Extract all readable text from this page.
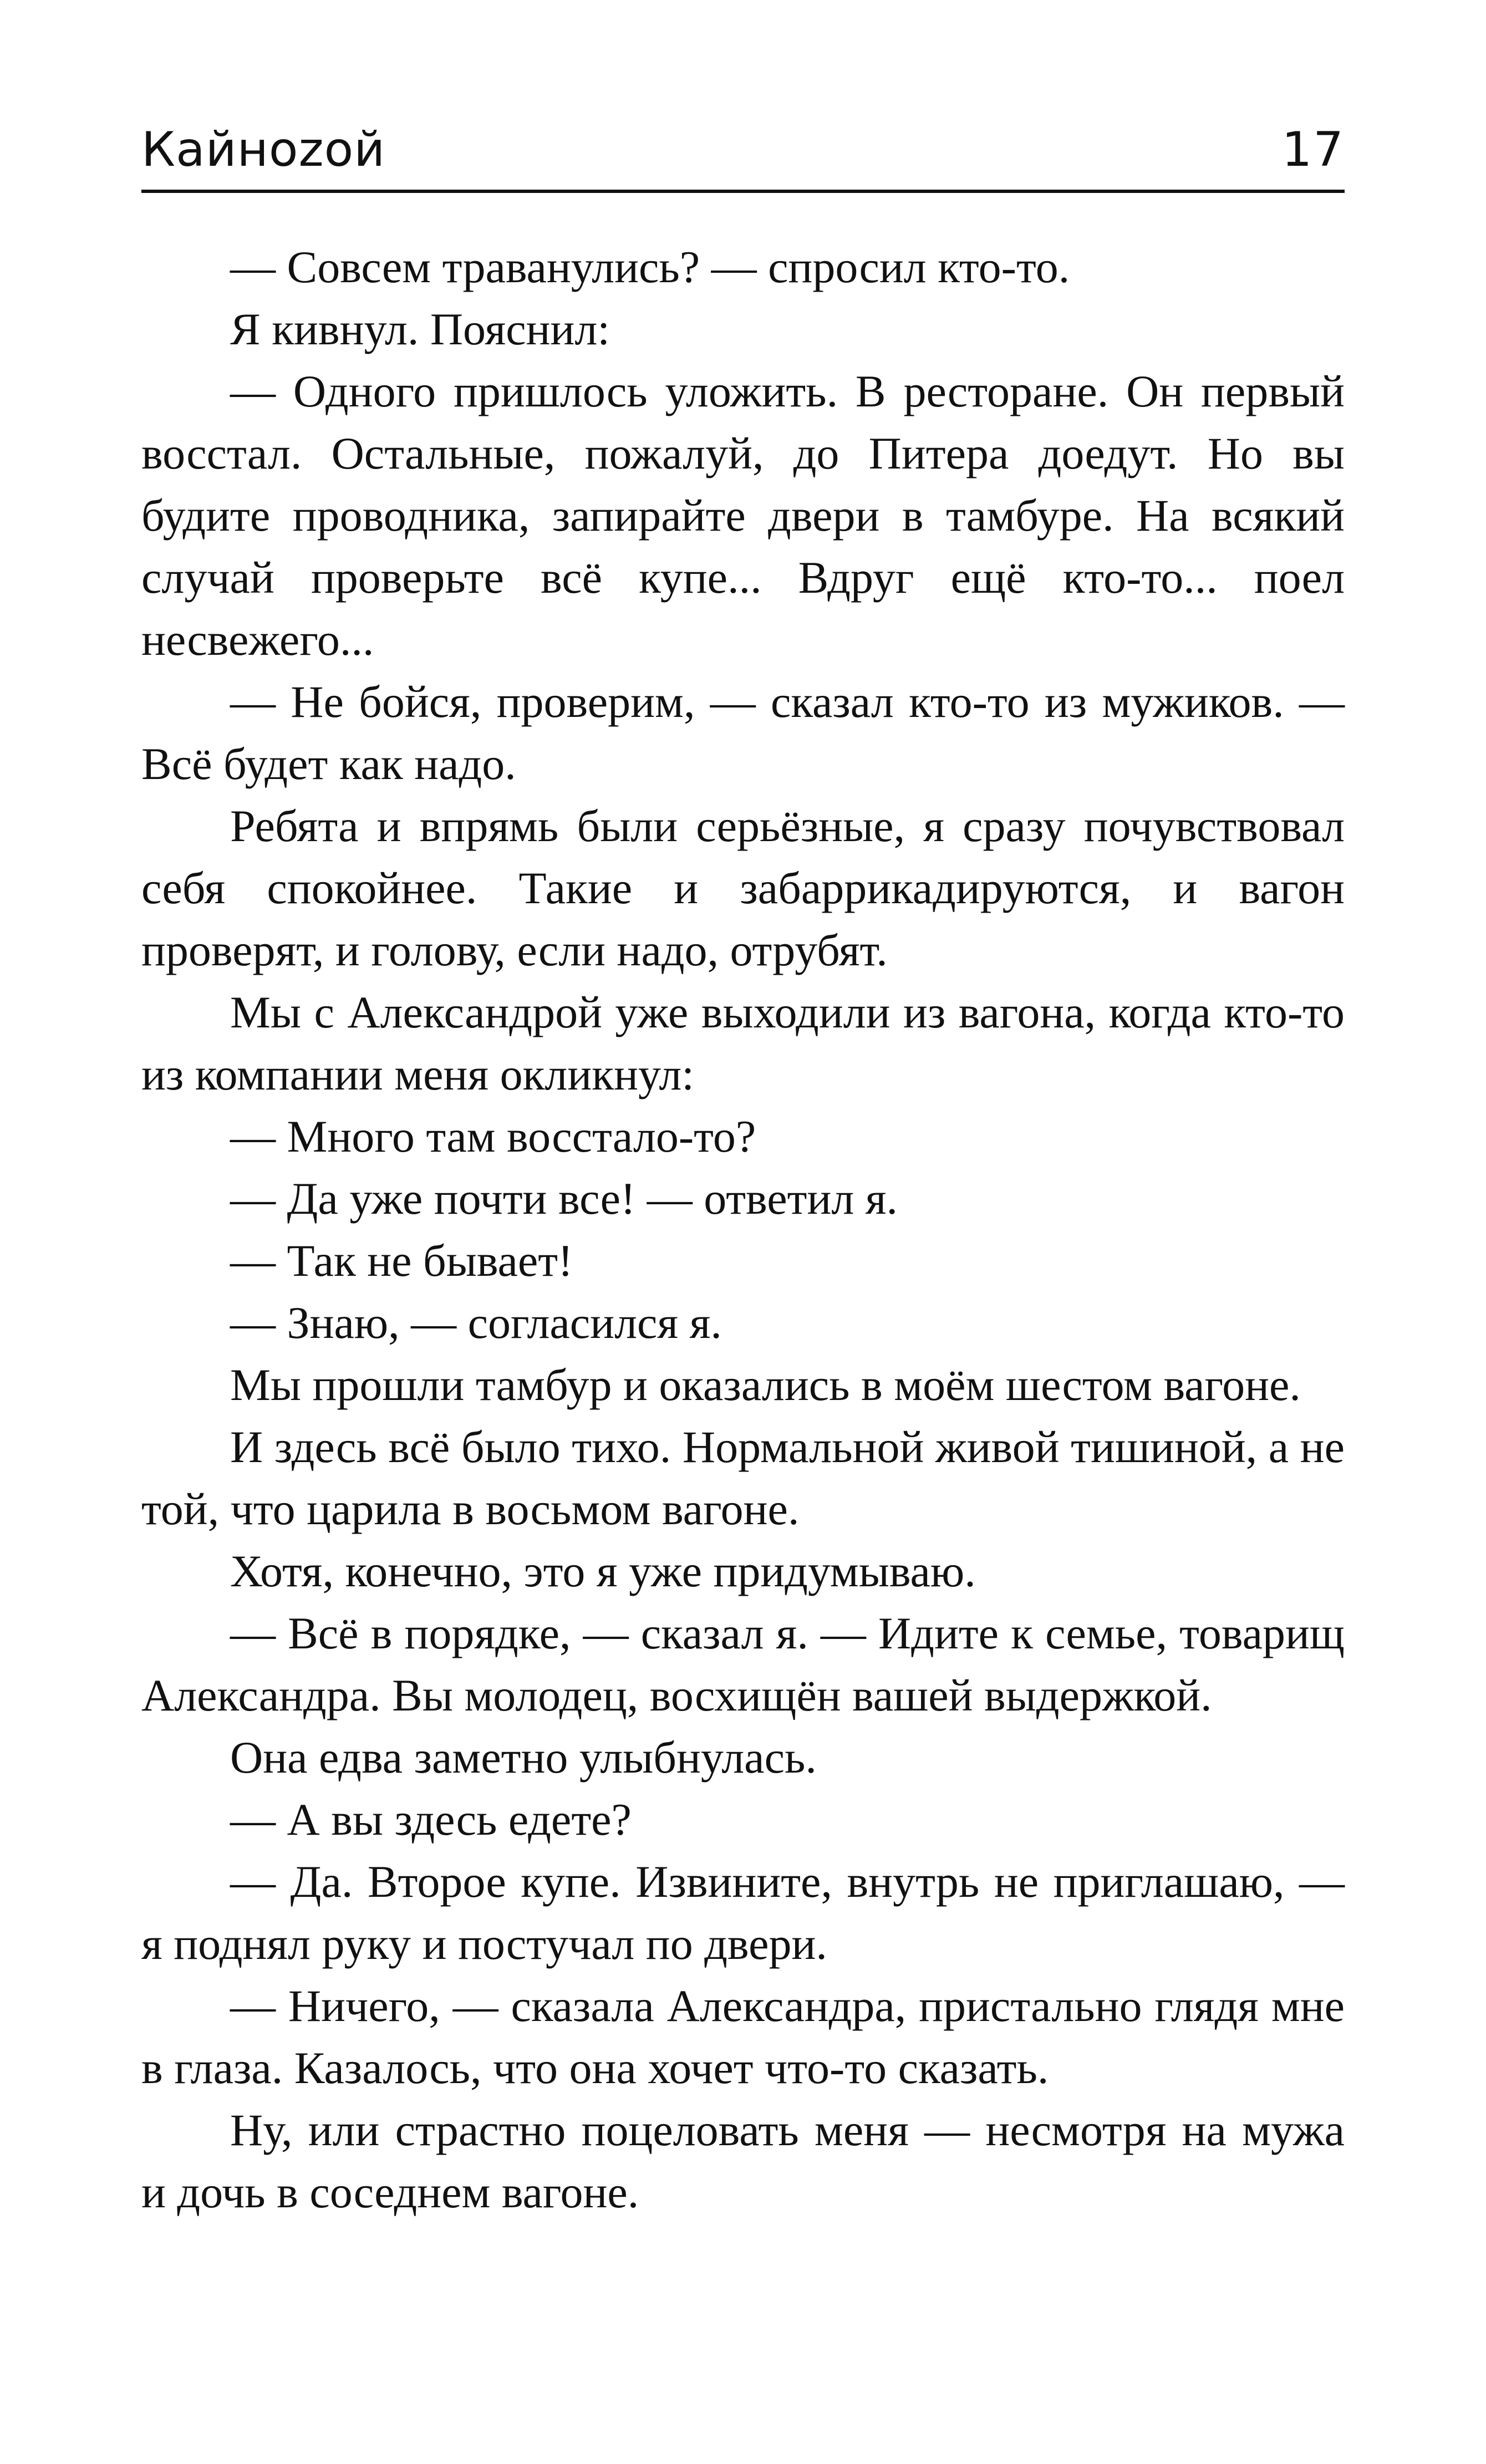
Кайноzой	17

— Совсем траванулись? — спросил кто-то.

Я кивнул. Пояснил:

— Одного пришлось уложить. В ресторане. Он первый восстал. Остальные, пожалуй, до Питера доедут. Но вы будите проводника, запирайте двери в тамбуре. На всякий случай проверьте всё купе... Вдруг ещё кто-то... поел несвежего...

— Не бойся, проверим, — сказал кто-то из мужиков. — Всё будет как надо.

Ребята и впрямь были серьёзные, я сразу почувствовал себя спокойнее. Такие и забаррикадируются, и вагон проверят, и голову, если надо, отрубят.

Мы с Александрой уже выходили из вагона, когда кто-то из компании меня окликнул:

— Много там восстало-то?

— Да уже почти все! — ответил я.

— Так не бывает!

— Знаю, — согласился я.

Мы прошли тамбур и оказались в моём шестом вагоне.

И здесь всё было тихо. Нормальной живой тишиной, а не той, что царила в восьмом вагоне.

Хотя, конечно, это я уже придумываю.

— Всё в порядке, — сказал я. — Идите к семье, товарищ Александра. Вы молодец, восхищён вашей выдержкой.

Она едва заметно улыбнулась.

— А вы здесь едете?

— Да. Второе купе. Извините, внутрь не приглашаю, — я поднял руку и постучал по двери.

— Ничего, — сказала Александра, пристально глядя мне в глаза. Казалось, что она хочет что-то сказать.

Ну, или страстно поцеловать меня — несмотря на мужа и дочь в соседнем вагоне.
